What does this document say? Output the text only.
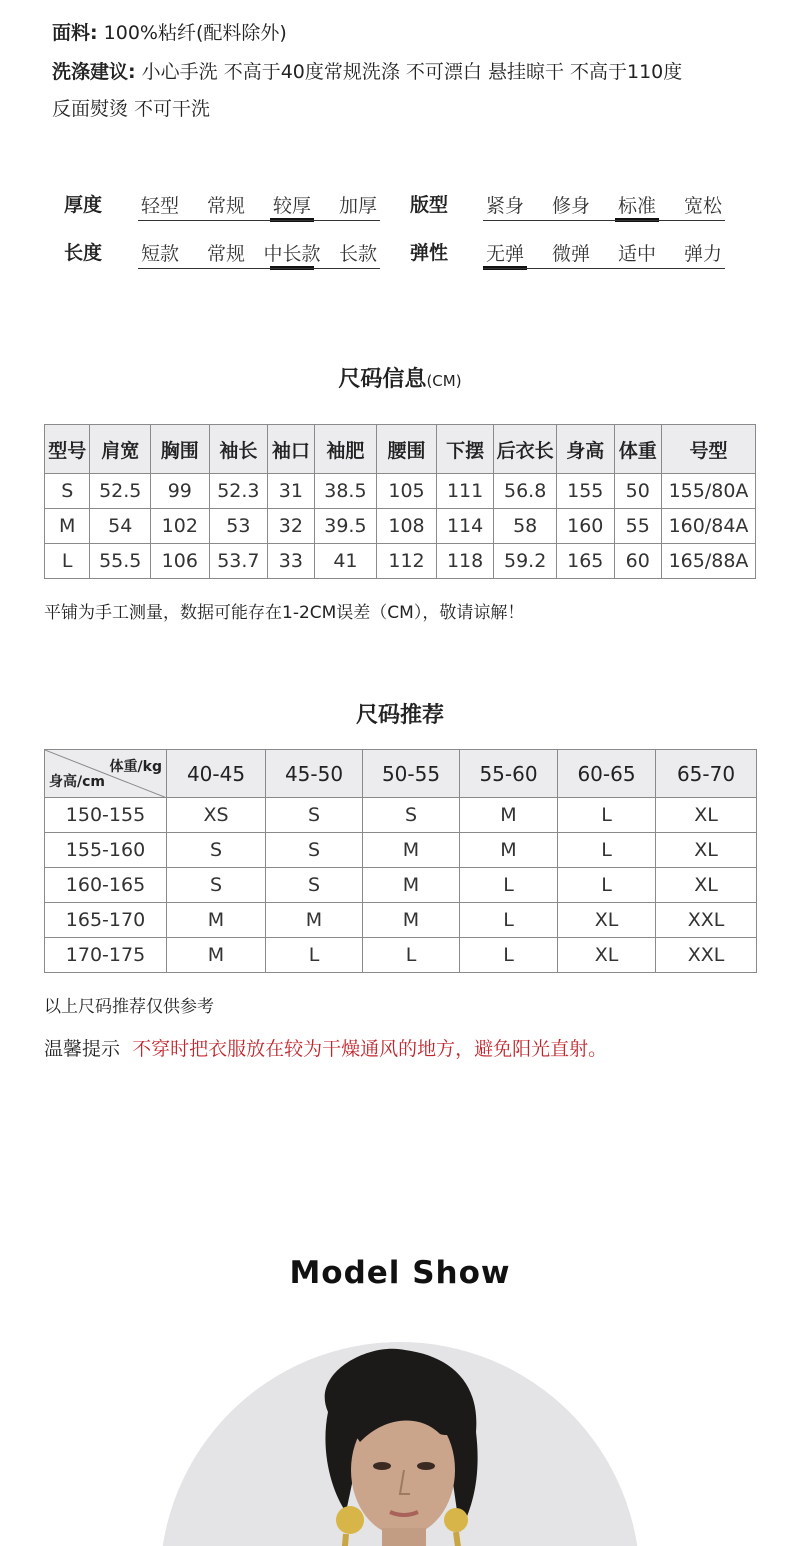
面料: 100%粘纤(配料除外)
洗涤建议: 小心手洗 不高于40度常规洗涤 不可漂白 悬挂晾干 不高于110度
反面熨烫 不可干洗
厚度	轻型	常规	较厚	加厚	版型	紧身	修身	标准	宽松
长度	短款	常规 中长款 长款	弹性	无弹	微弹	适中	弹力
尺码信息(CM)
型号	肩宽	胸围	袖长	袖口	袖肥	腰围	下摆	后衣长	身高	体重	号型
S	52.5	99	52.3	31	38.5	105	111	56.8	155	50	155/80A
M	54	102	53	32	39.5	108	114	58	160	55	160/84A
L	55.5	106	53.7	33	41	112	118	59.2	165	60	165/88A
平铺为手工测量，数据可能存在1-2CM误差（CM），敬请谅解！
尺码推荐
体重/kg
身高/cm	40-45	45-50	50-55	55-60	60-65	65-70
150-155	XS	S	S	M	L	XL
155-160	S	S	M	M	L	XL
160-165	S	S	M	L	L	XL
165-170	M	M	M	L	XL	XXL
170-175	M	L	L	L	XL	XXL
以上尺码推荐仅供参考
温馨提示 不穿时把衣服放在较为干燥通风的地方，避免阳光直射。
Model Show
